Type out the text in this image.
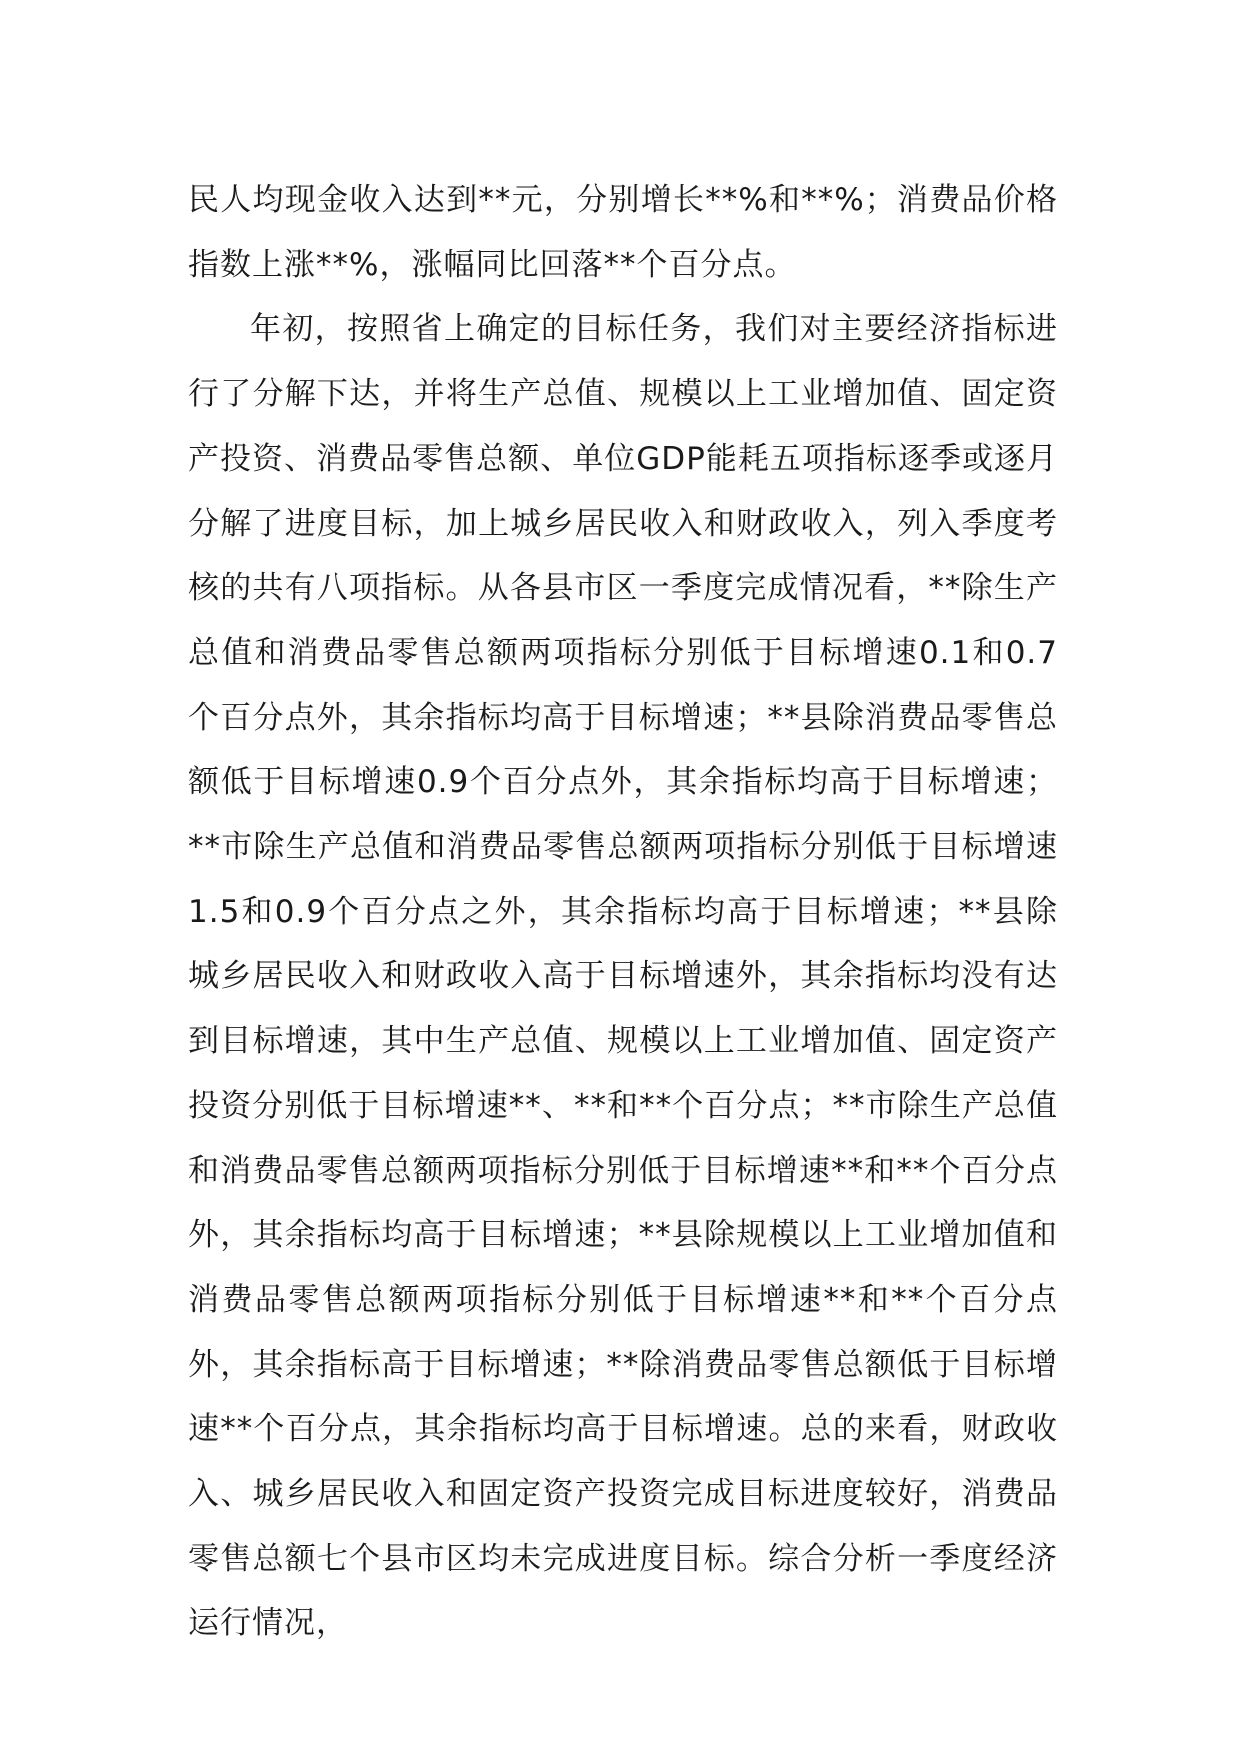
民人均现金收入达到**元，分别增长**%和**%；消费品价格指数上涨**%，涨幅同比回落**个百分点。

年初，按照省上确定的目标任务，我们对主要经济指标进行了分解下达，并将生产总值、规模以上工业增加值、固定资产投资、消费品零售总额、单位GDP能耗五项指标逐季或逐月分解了进度目标，加上城乡居民收入和财政收入，列入季度考核的共有八项指标。从各县市区一季度完成情况看，**除生产总值和消费品零售总额两项指标分别低于目标增速0.1和0.7个百分点外，其余指标均高于目标增速；**县除消费品零售总额低于目标增速0.9个百分点外，其余指标均高于目标增速；**市除生产总值和消费品零售总额两项指标分别低于目标增速1.5和0.9个百分点之外，其余指标均高于目标增速；**县除城乡居民收入和财政收入高于目标增速外，其余指标均没有达到目标增速，其中生产总值、规模以上工业增加值、固定资产投资分别低于目标增速**、**和**个百分点；**市除生产总值和消费品零售总额两项指标分别低于目标增速**和**个百分点外，其余指标均高于目标增速；**县除规模以上工业增加值和消费品零售总额两项指标分别低于目标增速**和**个百分点外，其余指标高于目标增速；**除消费品零售总额低于目标增速**个百分点，其余指标均高于目标增速。总的来看，财政收入、城乡居民收入和固定资产投资完成目标进度较好，消费品零售总额七个县市区均未完成进度目标。综合分析一季度经济运行情况，
